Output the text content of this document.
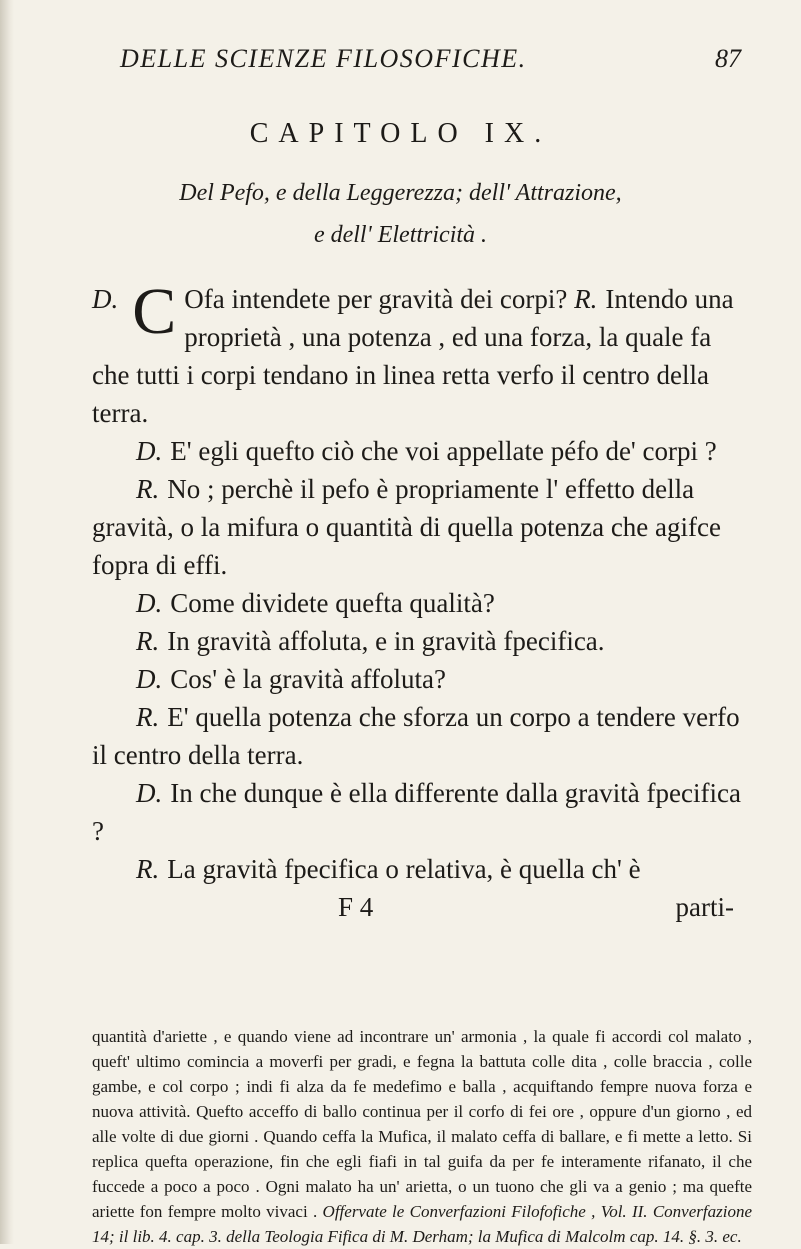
DELLE SCIENZE FILOSOFICHE.	87
CAPITOLO IX.
Del Pefo, e della Leggerezza; dell' Attrazione,
e dell' Elettricità .

D. C Ofa intendete per gravità dei corpi? R. Intendo una proprietà , una potenza , ed una forza, la quale fa che tutti i corpi tendano in linea retta verfo il centro della terra.

D. E' egli quefto ciò che voi appellate péfo de' corpi ?

R. No ; perchè il pefo è propriamente l' effetto della gravità, o la mifura o quantità di quella potenza che agifce fopra di effi.

D. Come dividete quefta qualità?

R. In gravità affoluta, e in gravità fpecifica.

D. Cos' è la gravità affoluta?

R. E' quella potenza che sforza un corpo a tendere verfo il centro della terra.

D. In che dunque è ella differente dalla gravità fpecifica ?

R. La gravità fpecifica o relativa, è quella ch' è

F 4	parti-

quantità d'ariette , e quando viene ad incontrare un' armonia , la quale fi accordi col malato , queft' ultimo comincia a moverfi per gradi, e fegna la battuta colle dita , colle braccia , colle gambe, e col corpo ; indi fi alza da fe medefimo e balla , acquiftando fempre nuova forza e nuova attività. Quefto acceffo di ballo continua per il corfo di fei ore , oppure d'un giorno , ed alle volte di due giorni . Quando ceffa la Mufica, il malato ceffa di ballare, e fi mette a letto. Si replica quefta operazione, fin che egli fiafi in tal guifa da per fe interamente rifanato, il che fuccede a poco a poco . Ogni malato ha un' arietta, o un tuono che gli va a genio ; ma quefte ariette fon fempre molto vivaci . Offervate le Converfazioni Filofofiche , Vol. II. Converfazione 14; il lib. 4. cap. 3. della Teologia Fifica di M. Derham; la Mufica di Malcolm cap. 14. §. 3. ec.
